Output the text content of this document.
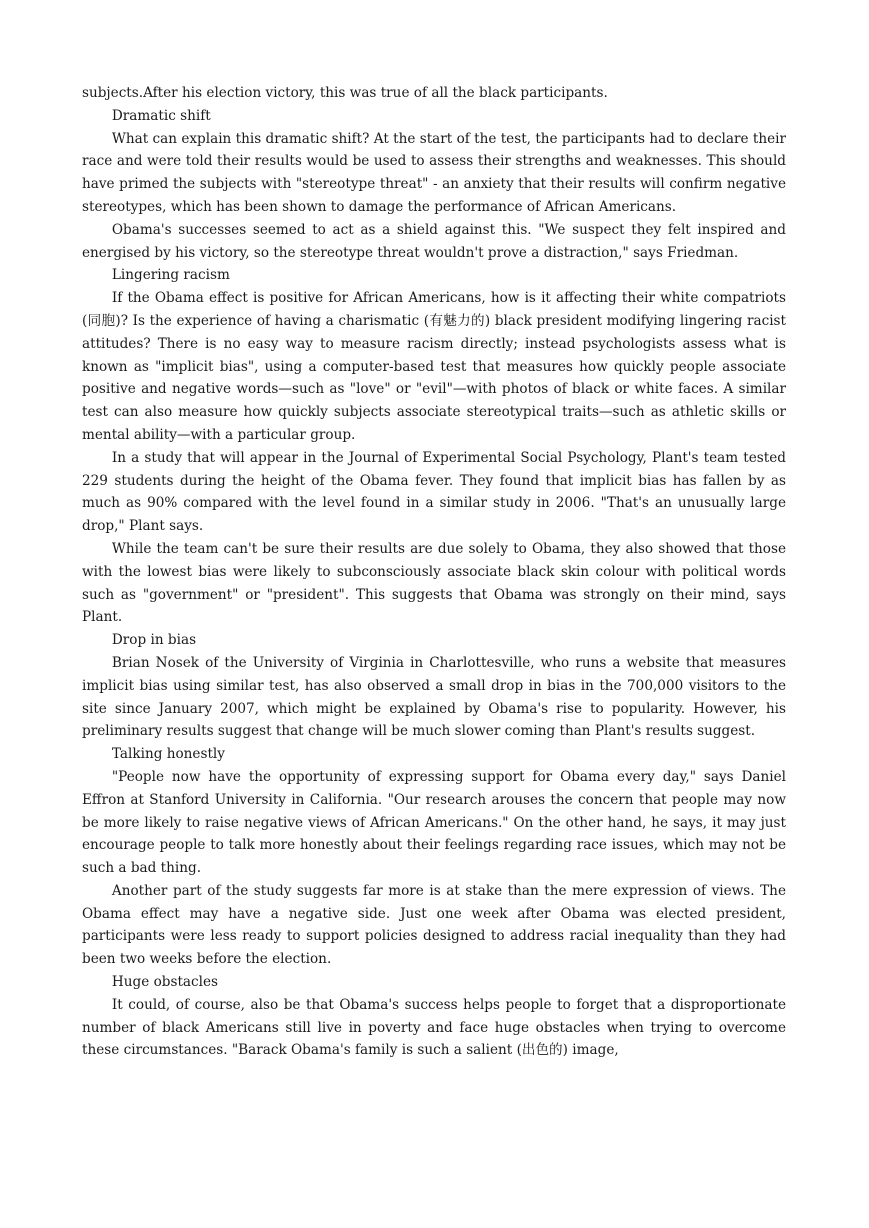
subjects.After his election victory, this was true of all the black participants.

Dramatic shift

What can explain this dramatic shift? At the start of the test, the participants had to declare their race and were told their results would be used to assess their strengths and weaknesses. This should have primed the subjects with "stereotype threat" - an anxiety that their results will confirm negative stereotypes, which has been shown to damage the performance of African Americans.

Obama's successes seemed to act as a shield against this. "We suspect they felt inspired and energised by his victory, so the stereotype threat wouldn't prove a distraction," says Friedman.

Lingering racism

If the Obama effect is positive for African Americans, how is it affecting their white compatriots (同胞)? Is the experience of having a charismatic (有魅力的) black president modifying lingering racist attitudes? There is no easy way to measure racism directly; instead psychologists assess what is known as "implicit bias", using a computer-based test that measures how quickly people associate positive and negative words—such as "love" or "evil"—with photos of black or white faces. A similar test can also measure how quickly subjects associate stereotypical traits—such as athletic skills or mental ability—with a particular group.

In a study that will appear in the Journal of Experimental Social Psychology, Plant's team tested 229 students during the height of the Obama fever. They found that implicit bias has fallen by as much as 90% compared with the level found in a similar study in 2006. "That's an unusually large drop," Plant says.

While the team can't be sure their results are due solely to Obama, they also showed that those with the lowest bias were likely to subconsciously associate black skin colour with political words such as "government" or "president". This suggests that Obama was strongly on their mind, says Plant.

Drop in bias

Brian Nosek of the University of Virginia in Charlottesville, who runs a website that measures implicit bias using similar test, has also observed a small drop in bias in the 700,000 visitors to the site since January 2007, which might be explained by Obama's rise to popularity. However, his preliminary results suggest that change will be much slower coming than Plant's results suggest.

Talking honestly

"People now have the opportunity of expressing support for Obama every day," says Daniel Effron at Stanford University in California. "Our research arouses the concern that people may now be more likely to raise negative views of African Americans." On the other hand, he says, it may just encourage people to talk more honestly about their feelings regarding race issues, which may not be such a bad thing.

Another part of the study suggests far more is at stake than the mere expression of views. The Obama effect may have a negative side. Just one week after Obama was elected president, participants were less ready to support policies designed to address racial inequality than they had been two weeks before the election.

Huge obstacles

It could, of course, also be that Obama's success helps people to forget that a disproportionate number of black Americans still live in poverty and face huge obstacles when trying to overcome these circumstances. "Barack Obama's family is such a salient (出色的) image,
